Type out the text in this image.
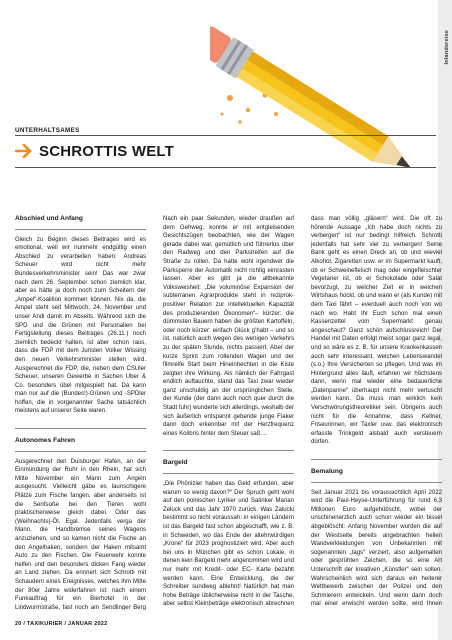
Inlandsreise
UNTERHALTSAMES
SCHROTTIS WELT
Abschied und Anfang

Gleich zu Beginn dieses Beitrages wird es emotional, weil wir nunmehr endgültig einen Abschied zu verarbeiten haben: Andreas Scheuer wird nicht mehr Bundesverkehrsminister sein! Das war zwar nach dem 26. September schon ziemlich klar, aber es hätte ja doch noch zum Scheitern der „Ampel“-Koalition kommen können. Nix da, die Ampel steht seit Mittwoch, 24. November und unser Andi damit im Abseits. Während sich die SPD und die Grünen mit Personalien bei Fertigstellung dieses Beitrages (26.11.) noch ziemlich bedeckt halten, ist aber schon raus, dass die FDP mit dem Juristen Volker Wissing den neuen Verkehrsminister stellen wird. Ausgerechnet die FDP, die, neben dem CSUler Scheuer, unseren Gewerbe in Sachen Uber & Co. besonders übel mitgespielt hat. Da kann man nur auf die (Bundes!)-Grünen und -SPDler hoffen, die in vorgenannter Sache tatsächlich meistens auf unserer Seite waren.

Autonomes Fahren

Ausgerechnet den Duisburger Hafen, an der Einmündung der Ruhr in den Rhein, hat sich Mitte November ein Mann zum Angeln ausgesucht. Vielleicht gäbe es launschigere Plätze zum Fische fangen, aber anderseits ist die Senfsoße bei den Tieren wohl praktischerweise gleich dabei. Oder das (Weihnachts)-Öl. Egal. Jedenfalls verga der Mann, die Handbremse seines Wagens anzuziehen, und so kamen nicht die Fische an den Angelhaken, sondern der Haken mitsamt Auto zu den Fischen. Die Feuerwehr konnte helfen und den besonders dicken Fang wieder an Land ziehen. Da erinnert sich Schrotti mit Schaudern eines Ereignisses, welches ihm Mitte der 80er Jahre widerfahren ist: nach einem Funkauftrag für ein Bierhotel in der Lindwurmstraße, fast noch am Sendlinger Berg

Nach ein paar Sekunden, wieder draußen auf dem Gehweg, konnte er mit entgleisenden Gesichtszügen beobachten, wie der Wagen gerade dabei war, gemütlich und führerlos über den Radweg und den Parkstreifen auf die Straße zu rollen. Da hatte wohl irgendwer die Parksperre der Automatik nicht richtig eimrasten lassen. Aber es gibt ja die altbekannte Volksweisheit: „Die voluminöse Expansion der subterranen Agrarprodukte steht in reziprok-positiver Relation zur intellektuellen Kapazität des produzierenden Ökonomen“– kürzer: die dümmsten Bauern haben die größten Kartoffeln, oder noch kürzer: einfach Glück g’habt – und so ist, natürlich auch wegen des wenigen Verkehrs zu der späten Stunde, nichts passiert. Aber der kurze Sprint zum rollenden Wagen und der filmreife Start beim Hineinhechten in die Kiste zeigten ihre Wirkung. Als nämlich der Fahrgast endlich auftauchte, stand das Taxi zwar wieder ganz unschuldig an der ursprünglichen Stelle, der Kunde (der dann auch noch quer durch die Stadt fuhr) wunderte sich allerdings, weshalb der sich äußerlich entspannt gebende junge Fiaker dann doch erkennbar mit der Herzfrequenz eines Kolibris hinter dem Steuer saß ...

Bargeld

„Die Phönizier haben das Geld erfunden, aber warum so wenig davon?“ Der Spruch geht wohl auf den polnischen Lyriker und Satiriker Marian Zeluck und das Jahr 1970 zurück. Was Zalucki bestimmt so nicht voraussah: in einigen Ländern ist das Bargeld fast schon abgeschafft, wie z. B. in Schweden, wo das Ende der altehrwürdigen „Krone“ für 2023 prognostiziert wird. Aber auch bei uns in München gibt es schon Lokale, in denen kein Bargeld mehr angenommen wird und nur mehr mit Kredit- oder EC- Karte bezahlt werden kann. Eine Entwicklung, die der Schreiber sundweg ablehnt! Natürlich hat man hohe Beträge üblicherweise nicht in der Tasche, aber selbst Kleinbeträge elektronisch abrechnen

dass man völlig „gläsern“ wird. Die oft zu hörende Aussage „Ich habe doch nichts zu verbergen“ ist nur bedingt hilfreich. Schrotti jedenfalls hat sehr viel zu verbergen! Seine Bank geht es einen Dreck an, ob und wieviel Alkohol, Zigaretten usw. er im Supermarkt kauft, ob er Schweinefleisch mag oder eingefleischter Vegetarier ist, ob er Schokolade oder Salat bevorzugt, zu welcher Zeit er in welchen Wirtshaus hockt, ob und wann er (als Kunde) mit dem Taxi fährt – eventuell auch noch von wo nach wo. Habt Ihr Euch schon mal einen Kassenzettel vom Supermarkt genau angeschaut? Ganz schön aufschlussreich! Der Handel mit Daten erfolgt meist sogar ganz legal, und so wäre es z. B. für unsere Krankenkassen auch sehr interessant, welchen Lebenswandel (s.o.) Ihre Versicherten so pflegen. Und was im Hintergrund alles läuft, erfahren wir höchstens dann, wenn mal wieder eine bedauerliche „Datenpanne“ überhaupt nicht mehr vertuscht werden kann. Da muss man wirklich kein Verschwörungstheoretiker sein. Übrigens auch nicht für die Annahme, dass Kellner, Friseurinnen, wir Taxler usw. das elektronisch erfasste Trinkgeld alsbald auch versteuern dürfen.

Bemalung

Seit Januar 2021 bis voraussichtlich April 2022 wird die Paul-Heyse-Unterführung für rund 6,3 Millionen Euro aufgehübscht, wobei der unschinenerzlich auch schon wieder ein bissel abgeblöscht: Anfang November wurden die auf der Westseite bereits angebrachten hellen Wandverkleidungen von Unbekannten mit sogenannten „tags“ verziert, also aufgemalten oder gesprühten Zeichen, die so eine Art Unterschrift der kreativen „Künstler“ sein sollen. Wahrscheinlich wird sich daraus ein heiterer Wettbewerb zwischen der Polizei und den Schmierern entwickeln. Und wenn dann doch mal einer erwischt werden sollte, wird Ihnen

20 / TAXIKURIER / JANUAR 2022
